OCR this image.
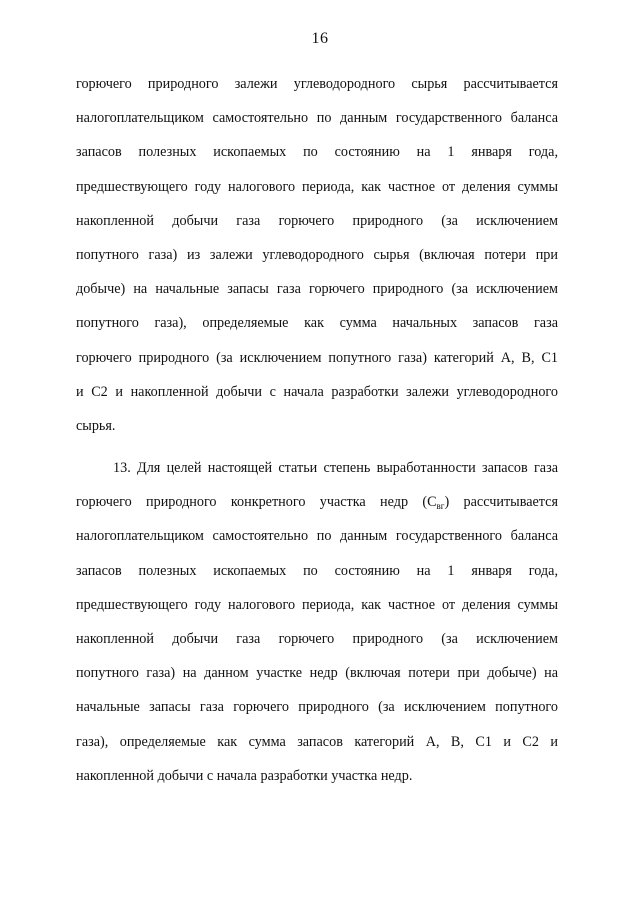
16
горючего природного залежи углеводородного сырья рассчитывается
налогоплательщиком самостоятельно по данным государственного баланса
запасов полезных ископаемых по состоянию на 1 января года,
предшествующего году налогового периода, как частное от деления суммы
накопленной добычи газа горючего природного (за исключением
попутного газа) из залежи углеводородного сырья (включая потери при
добыче) на начальные запасы газа горючего природного (за исключением
попутного газа), определяемые как сумма начальных запасов газа
горючего природного (за исключением попутного газа) категорий А, В, С1
и С2 и накопленной добычи с начала разработки залежи углеводородного
сырья.
13. Для целей настоящей статьи степень выработанности запасов газа
горючего природного конкретного участка недр $(С_{вг})$ рассчитывается
налогоплательщиком самостоятельно по данным государственного баланса
запасов полезных ископаемых по состоянию на 1 января года,
предшествующего году налогового периода, как частное от деления суммы
накопленной добычи газа горючего природного (за исключением
попутного газа) на данном участке недр (включая потери при добыче) на
начальные запасы газа горючего природного (за исключением попутного
газа), определяемые как сумма запасов категорий А, В, С1 и С2 и
накопленной добычи с начала разработки участка недр.
